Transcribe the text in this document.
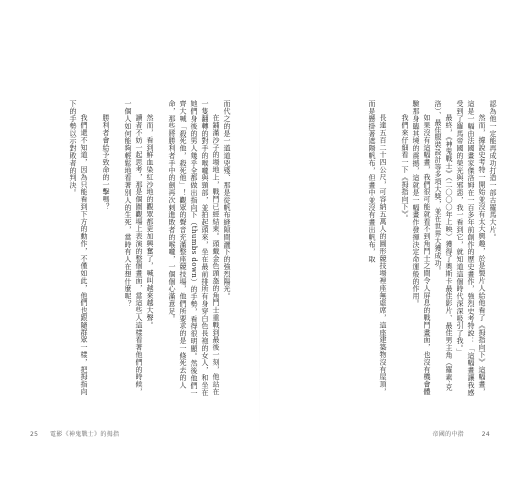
而代之的是一道道兇殘、那是從帆布縫隙間灑下的強烈陽光。

在鋪滿沙子的場地上，戰鬥已經結束。頭戴金色頭盔的角鬥士重戰到最後一刻，他站在一隻翻轉的對手的喉嚨與頸部，並拍起頭來，坐在最前排所有身穿白色長袍的女人，和坐在她們身後的男人幾乎全都做出指向下（thumbs down）的手勢，看得很明顯。然後他們一齊大喊「殺死他，殺死他」！觀眾的聲音充滿整座競技場，他們所要求的是一條死去的人命，那些將勝利者手中的劍再次刺進敗者的喉嚨，一個個心滿意足。

然而，看到鮮血染紅沙地的觀眾都更加興奮了，喊叫越來越大聲。

讀者不妨一起思考，那是個圍觀場上表演的整個畫面，當這些人這樣看著他們的時候，一個人如何能夠輕鬆地看著別人的生死，當時有人在想什麼呢？

勝利者會給予致命的一擊嗎？

我們還不知道，因為只能看到下方的動作，不僅如此，他們也跟隨群眾一樣，把拇指向下的手勢以示對敗者的判決。

25 電影《神鬼戰士》的拇指

認為他一定能再成功打造一部古羅馬大片。

然而，據說史考特一開始並沒有太大興趣，於是製片人給他看了《拇指向下》這幅畫，這是一幅由法國畫家傑洛姆在一百多年前創作的歷史畫作，強烈史考特說：「這幅畫讓我感受到了羅馬帝國的榮光與邪惡，我一看到它，就知道這個時代深深吸引了我。」

最終，《神鬼戰士》（二〇〇〇年上映）獲得了奧斯卡最佳影片、最佳男主角（羅素·克洛）、最佳服裝設計等多項大獎，並在世界大獲成功。

如果沒有這幅畫，我們很可能就看不到角鬥士之間令人屏息的戰鬥畫面，也沒有機會體驗那身臨其境的震撼，這就是一幅畫作發揮決定命運般的作用。

我們來仔細看一下《拇指向下》。

長達五百二十四公尺，可容納五萬人的圓形競技場裡座無虛席，這座建築物沒有屋頂，而是懸掛著遮陽帆布，但畫中並沒有畫出帆布，取

帝國的中指	24
